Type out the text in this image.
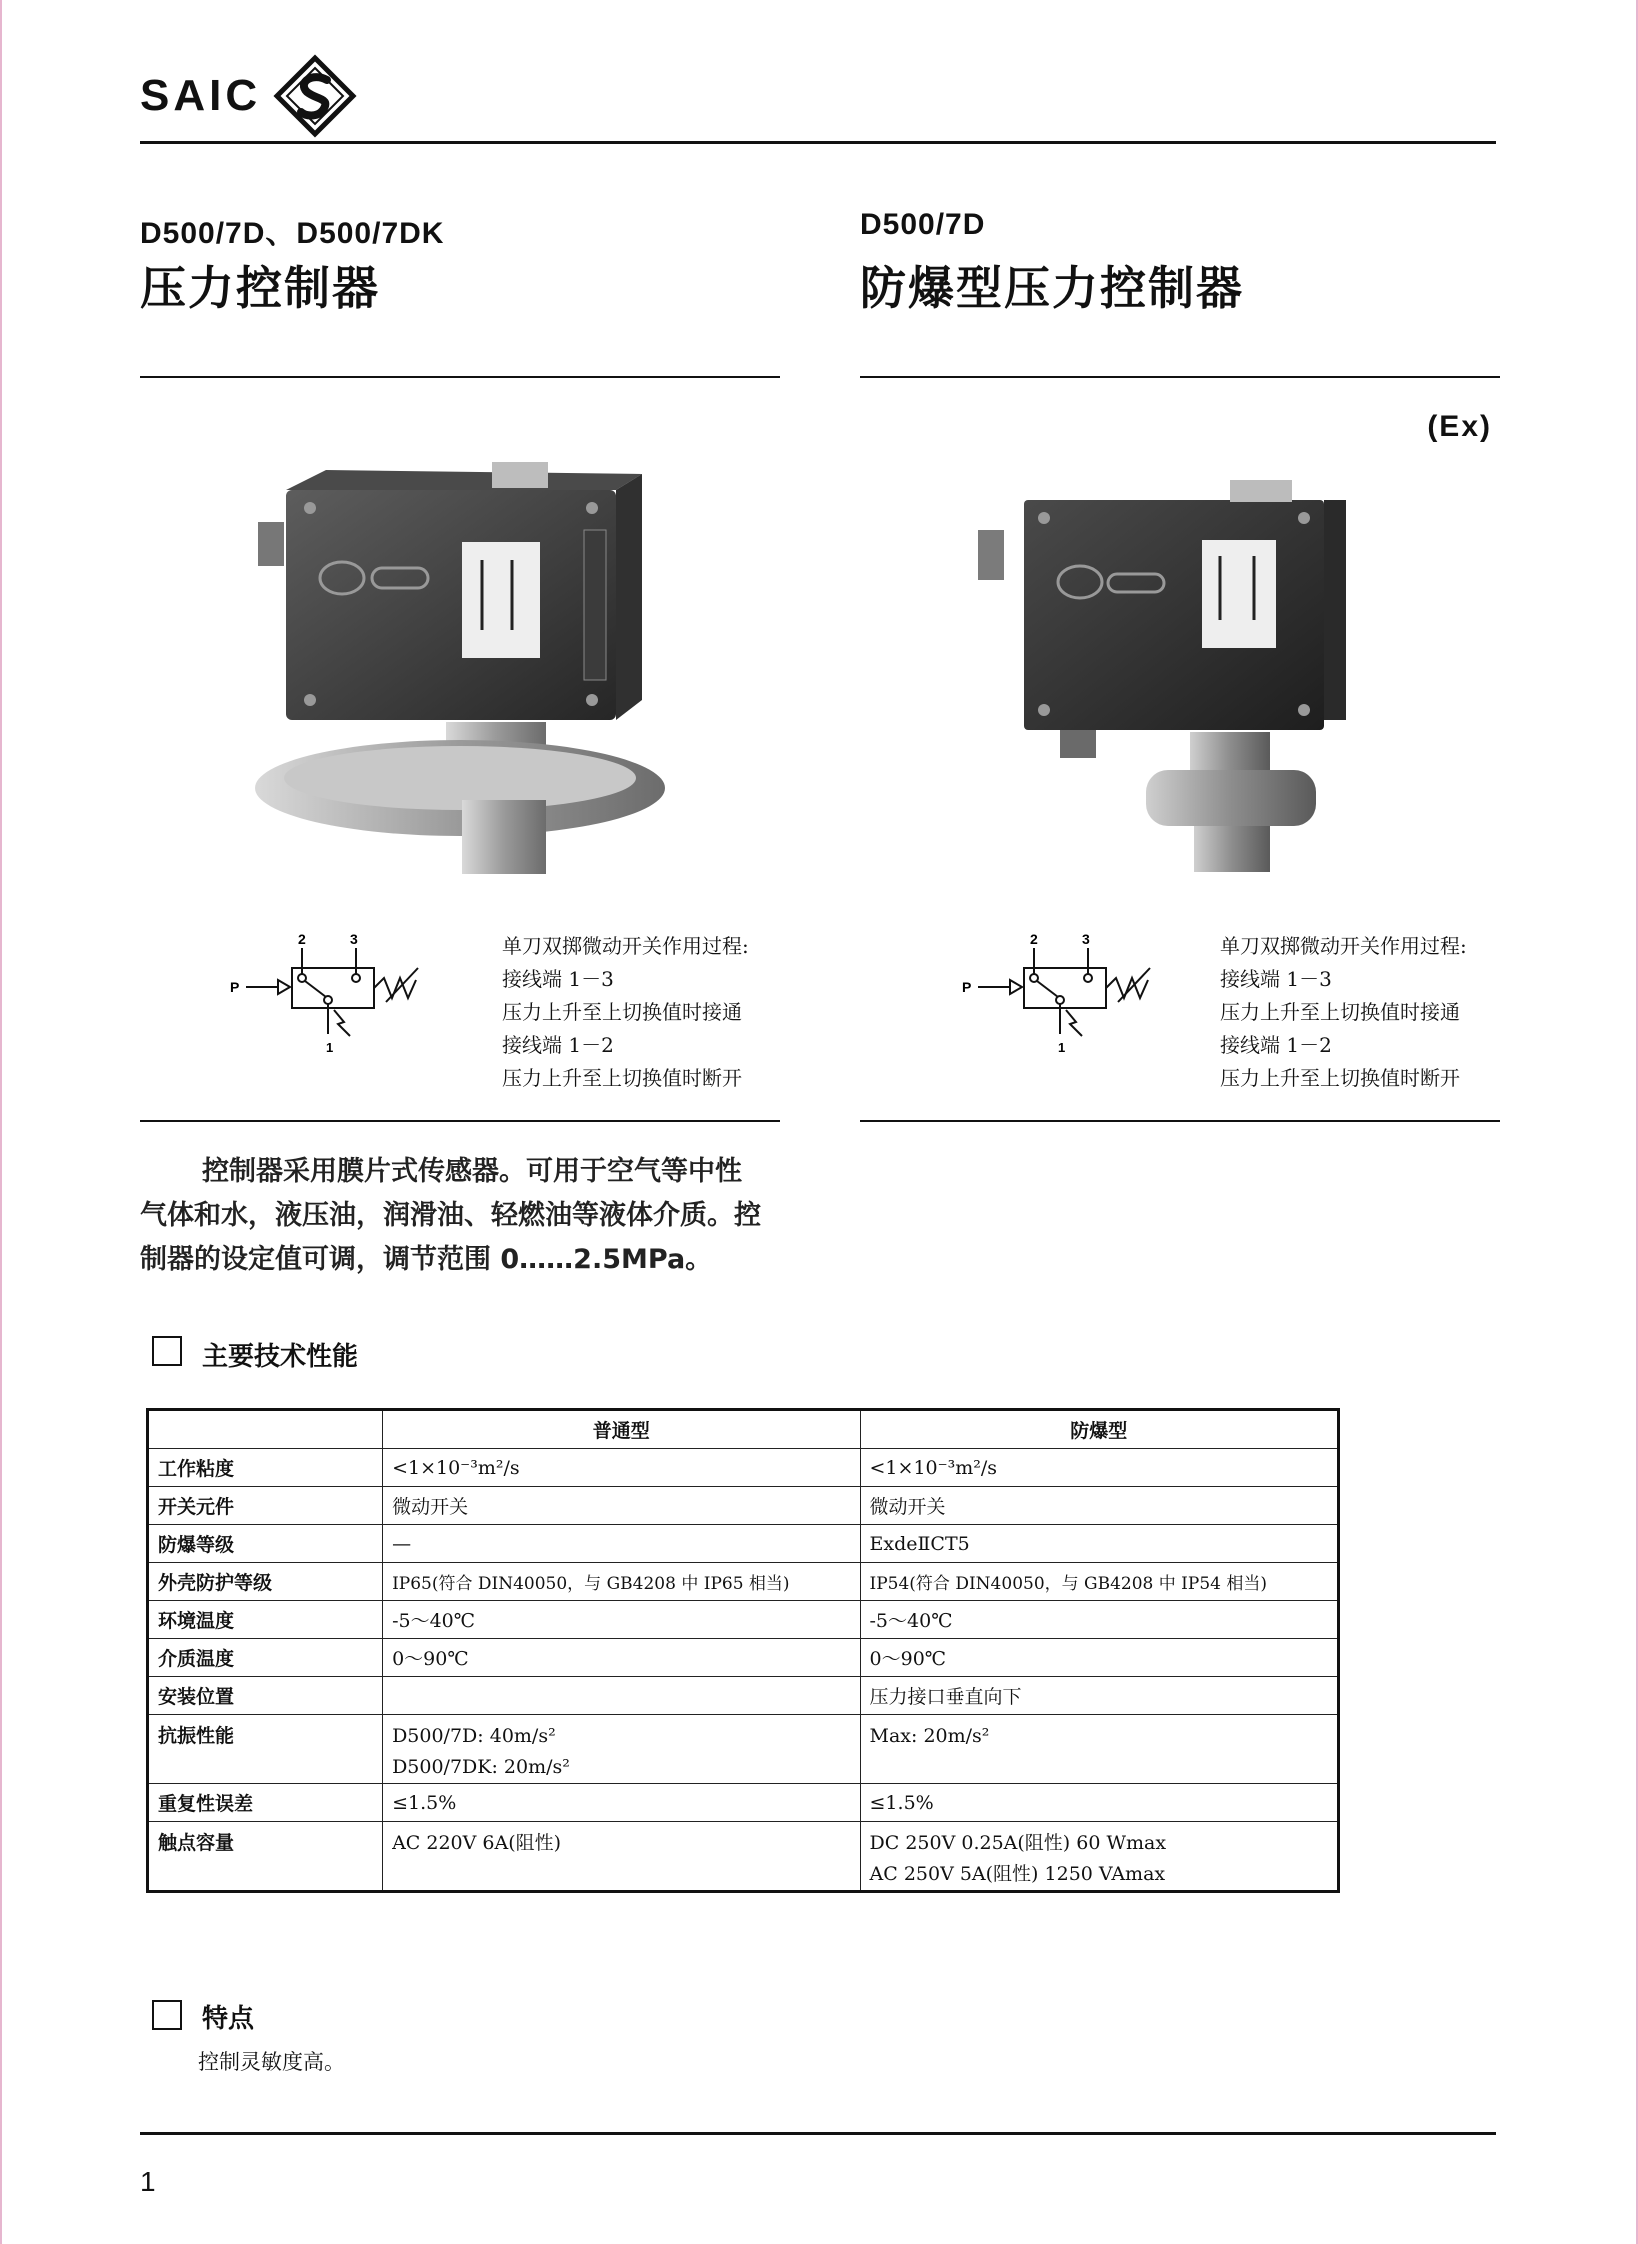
SAIC
D500/7D、D500/7DK
压力控制器
D500/7D
防爆型压力控制器
(Ex)
2	3
P
1
单刀双掷微动开关作用过程:
接线端 1－3
压力上升至上切换值时接通
接线端 1－2
压力上升至上切换值时断开
2	3
P
1
单刀双掷微动开关作用过程:
接线端 1－3
压力上升至上切换值时接通
接线端 1－2
压力上升至上切换值时断开
控制器采用膜片式传感器。可用于空气等中性
气体和水，液压油，润滑油、轻燃油等液体介质。控
制器的设定值可调，调节范围 0……2.5MPa。
主要技术性能
	普通型	防爆型
工作粘度	<1×10⁻³m²/s	<1×10⁻³m²/s
开关元件	微动开关	微动开关
防爆等级	—	ExdeⅡCT5
外壳防护等级	IP65(符合 DIN40050，与 GB4208 中 IP65 相当)	IP54(符合 DIN40050，与 GB4208 中 IP54 相当)
环境温度	-5～40℃	-5～40℃
介质温度	0～90℃	0～90℃
安装位置		压力接口垂直向下
抗振性能	D500/7D: 40m/s²
D500/7DK: 20m/s²	Max: 20m/s²
重复性误差	≤1.5%	≤1.5%
触点容量	AC 220V 6A(阻性)	DC 250V 0.25A(阻性) 60 Wmax
AC 250V 5A(阻性) 1250 VAmax
特点
控制灵敏度高。
1
